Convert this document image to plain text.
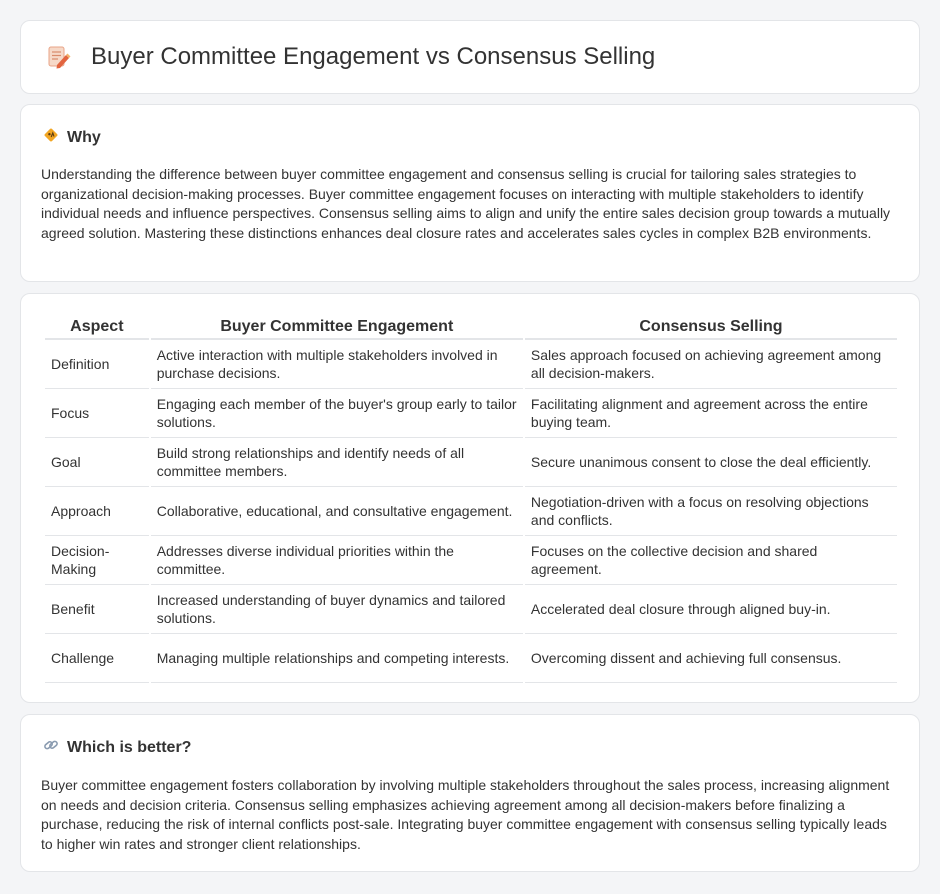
Buyer Committee Engagement vs Consensus Selling
Why

Understanding the difference between buyer committee engagement and consensus selling is crucial for tailoring sales strategies to organizational decision-making processes. Buyer committee engagement focuses on interacting with multiple stakeholders to identify individual needs and influence perspectives. Consensus selling aims to align and unify the entire sales decision group towards a mutually agreed solution. Mastering these distinctions enhances deal closure rates and accelerates sales cycles in complex B2B environments.

Aspect	Buyer Committee Engagement	Consensus Selling
Definition	Active interaction with multiple stakeholders involved in purchase decisions.	Sales approach focused on achieving agreement among all decision-makers.
Focus	Engaging each member of the buyer's group early to tailor solutions.	Facilitating alignment and agreement across the entire buying team.
Goal	Build strong relationships and identify needs of all committee members.	Secure unanimous consent to close the deal efficiently.
Approach	Collaborative, educational, and consultative engagement.	Negotiation-driven with a focus on resolving objections and conflicts.
Decision-Making	Addresses diverse individual priorities within the committee.	Focuses on the collective decision and shared agreement.
Benefit	Increased understanding of buyer dynamics and tailored solutions.	Accelerated deal closure through aligned buy-in.
Challenge	Managing multiple relationships and competing interests.	Overcoming dissent and achieving full consensus.
Which is better?

Buyer committee engagement fosters collaboration by involving multiple stakeholders throughout the sales process, increasing alignment on needs and decision criteria. Consensus selling emphasizes achieving agreement among all decision-makers before finalizing a purchase, reducing the risk of internal conflicts post-sale. Integrating buyer committee engagement with consensus selling typically leads to higher win rates and stronger client relationships.
